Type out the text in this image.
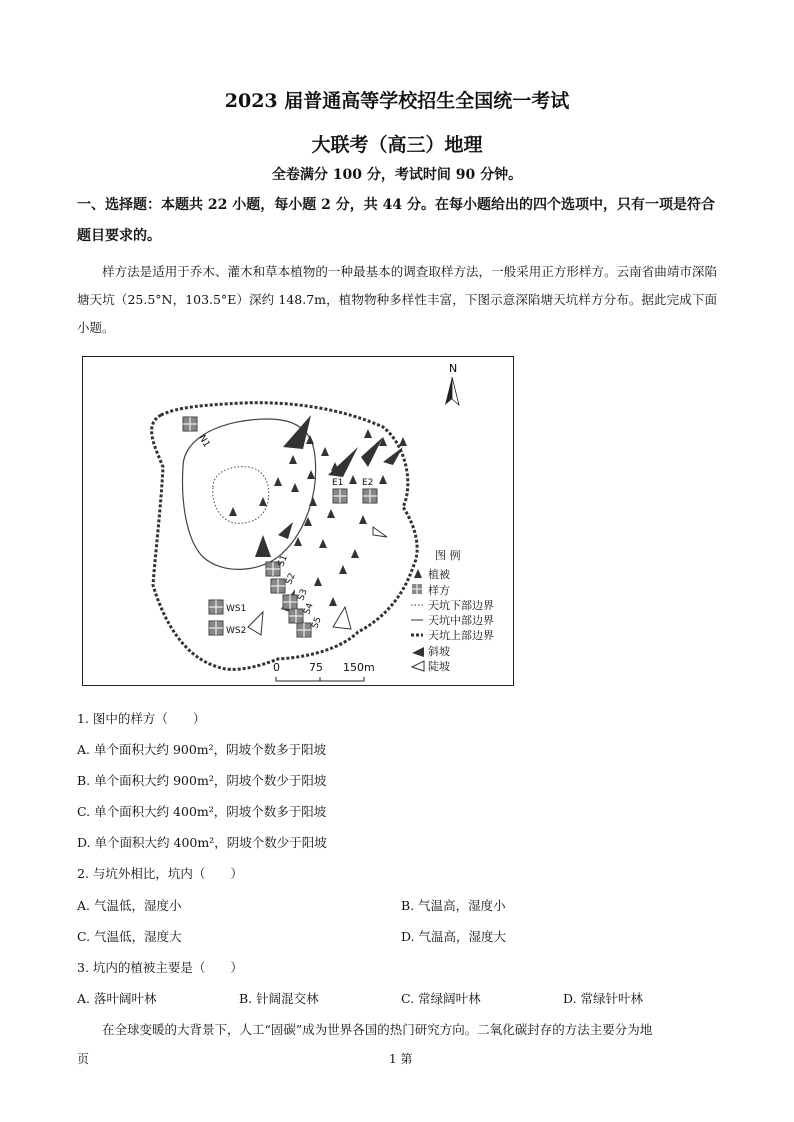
2023 届普通高等学校招生全国统一考试
大联考（高三）地理
全卷满分 100 分，考试时间 90 分钟。
一、选择题：本题共 22 小题，每小题 2 分，共 44 分。在每小题给出的四个选项中，只有一项是符合题目要求的。
样方法是适用于乔木、灌木和草本植物的一种最基本的调查取样方法，一般采用正方形样方。云南省曲靖市深陷塘天坑（25.5°N，103.5°E）深约 148.7m，植物物种多样性丰富，下图示意深陷塘天坑样方分布。据此完成下面小题。
N
N1
E1 E2
S1
S2
S3
S4
S5
WS1
WS2
图 例
植被
样方
天坑下部边界
天坑中部边界
天坑上部边界
斜坡
陡坡
0	75 150m
1. 图中的样方（　　）
A. 单个面积大约 900m²，阴坡个数多于阳坡
B. 单个面积大约 900m²，阴坡个数少于阳坡
C. 单个面积大约 400m²，阴坡个数多于阳坡
D. 单个面积大约 400m²，阴坡个数少于阳坡
2. 与坑外相比，坑内（　　）
A. 气温低，湿度小	B. 气温高，湿度小
C. 气温低，湿度大	D. 气温高，湿度大
3. 坑内的植被主要是（　　）
A. 落叶阔叶林	B. 针阔混交林	C. 常绿阔叶林	D. 常绿针叶林
在全球变暖的大背景下，人工“固碳”成为世界各国的热门研究方向。二氧化碳封存的方法主要分为地
页	1 第
